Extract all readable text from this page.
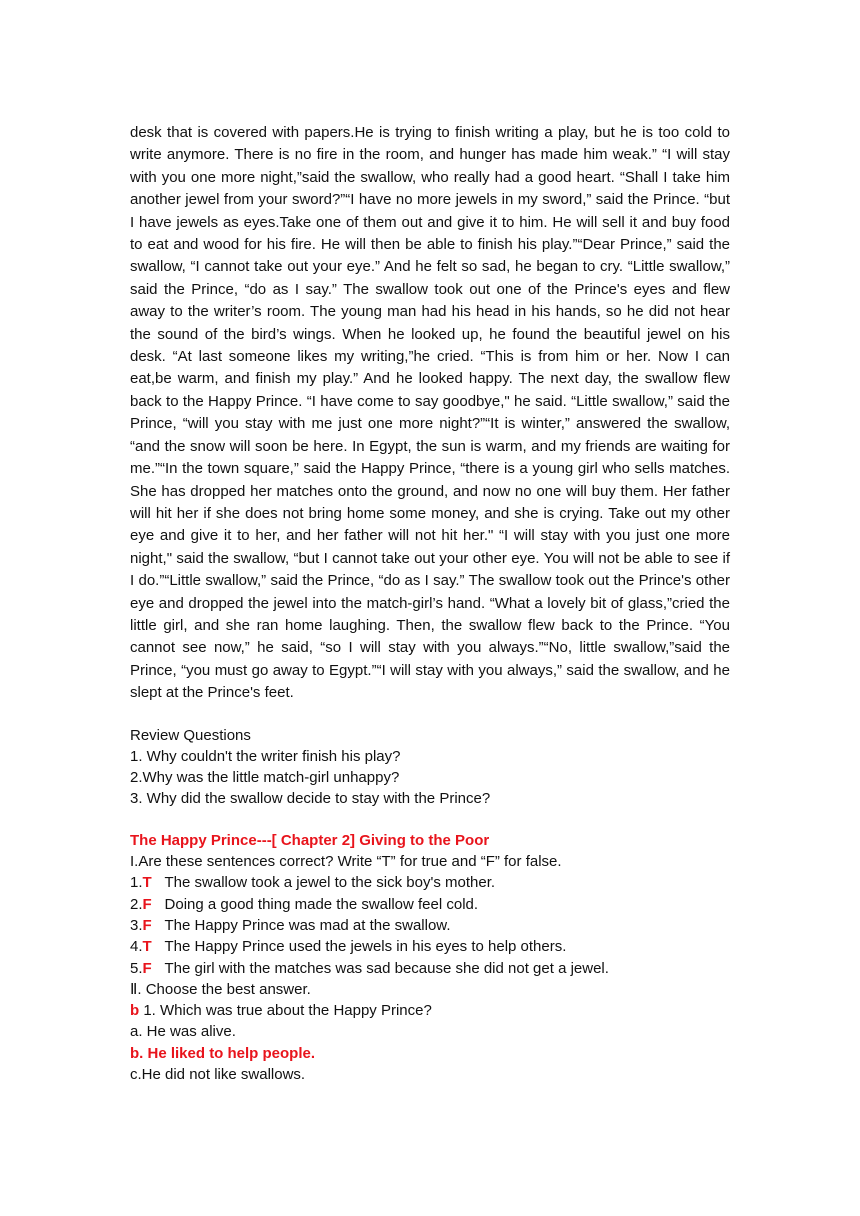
desk that is covered with papers.He is trying to finish writing a play, but he is too cold to write anymore. There is no fire in the room, and hunger has made him weak.” “I will stay with you one more night,”said the swallow, who really had a good heart. “Shall I take him another jewel from your sword?”“I have no more jewels in my sword,” said the Prince. “but I have jewels as eyes.Take one of them out and give it to him. He will sell it and buy food to eat and wood for his fire. He will then be able to finish his play.”“Dear Prince,” said the swallow, “I cannot take out your eye.” And he felt so sad, he began to cry. “Little swallow,” said the Prince, “do as I say.” The swallow took out one of the Prince's eyes and flew away to the writer’s room. The young man had his head in his hands, so he did not hear the sound of the bird’s wings. When he looked up, he found the beautiful jewel on his desk. “At last someone likes my writing,”he cried. “This is from him or her. Now I can eat,be warm, and finish my play.” And he looked happy. The next day, the swallow flew back to the Happy Prince. “I have come to say goodbye," he said. “Little swallow,” said the Prince, “will you stay with me just one more night?”“It is winter,” answered the swallow, “and the snow will soon be here. In Egypt, the sun is warm, and my friends are waiting for me.”“In the town square,” said the Happy Prince, “there is a young girl who sells matches. She has dropped her matches onto the ground, and now no one will buy them. Her father will hit her if she does not bring home some money, and she is crying. Take out my other eye and give it to her, and her father will not hit her." “I will stay with you just one more night," said the swallow, “but I cannot take out your other eye. You will not be able to see if I do.”“Little swallow,” said the Prince, “do as I say.” The swallow took out the Prince's other eye and dropped the jewel into the match-girl’s hand. “What a lovely bit of glass,”cried the little girl, and she ran home laughing. Then, the swallow flew back to the Prince. “You cannot see now,” he said, “so I will stay with you always.”“No, little swallow,”said the Prince, “you must go away to Egypt.”“I will stay with you always,” said the swallow, and he slept at the Prince's feet.

Review Questions
1. Why couldn't the writer finish his play?
2.Why was the little match-girl unhappy?
3. Why did the swallow decide to stay with the Prince?
The Happy Prince---[ Chapter 2] Giving to the Poor
I.Are these sentences correct? Write “T” for true and “F” for false.
1.T The swallow took a jewel to the sick boy's mother.
2.F Doing a good thing made the swallow feel cold.
3.F The Happy Prince was mad at the swallow.
4.T The Happy Prince used the jewels in his eyes to help others.
5.F The girl with the matches was sad because she did not get a jewel.
Ⅱ. Choose the best answer.
b 1. Which was true about the Happy Prince?
a. He was alive.
b. He liked to help people.
c.He did not like swallows.
